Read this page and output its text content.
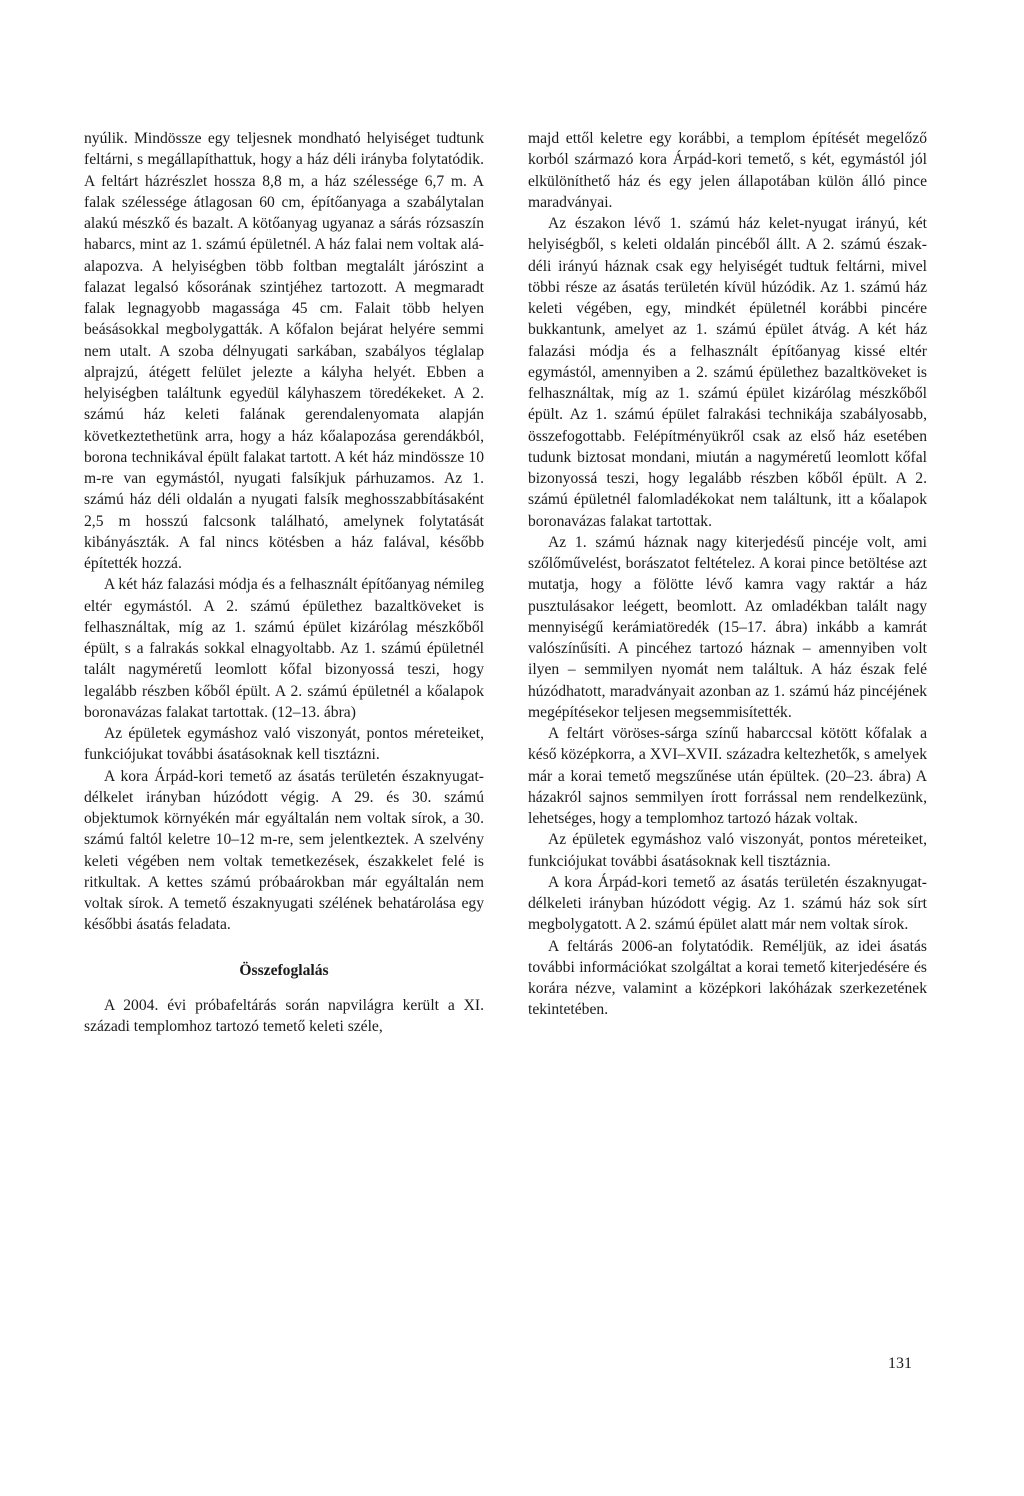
nyúlik. Mindössze egy teljesnek mondható helyiséget tudtunk feltárni, s megállapíthattuk, hogy a ház déli irányba folytatódik. A feltárt házrészlet hossza 8,8 m, a ház szélessége 6,7 m. A falak szélessége átlagosan 60 cm, építőanyaga a szabálytalan alakú mészkő és bazalt. A kötőanyag ugyanaz a sárás rózsaszín habarcs, mint az 1. számú épületnél. A ház falai nem voltak alá-alapozva. A helyiségben több foltban megtalált járószint a falazat legalsó kősorának szintjéhez tartozott. A megmaradt falak legnagyobb magassága 45 cm. Falait több helyen beásásokkal megbolygatták. A kőfalon bejárat helyére semmi nem utalt. A szoba délnyugati sarkában, szabályos téglalap alprajzú, átégett felület jelezte a kályha helyét. Ebben a helyiségben találtunk egyedül kályhaszem töredékeket. A 2. számú ház keleti falának gerendalenyomata alapján következtethetünk arra, hogy a ház kőalapozása gerendákból, borona technikával épült falakat tartott. A két ház mindössze 10 m-re van egymástól, nyugati falsíkjuk párhuzamos. Az 1. számú ház déli oldalán a nyugati falsík meghosszabbításaként 2,5 m hosszú falcsonk található, amelynek folytatását kibányászták. A fal nincs kötésben a ház falával, később építették hozzá.

A két ház falazási módja és a felhasznált építőanyag némileg eltér egymástól. A 2. számú épülethez bazaltköveket is felhasználtak, míg az 1. számú épület kizárólag mészkőből épült, s a falrakás sokkal elnagyoltabb. Az 1. számú épületnél talált nagyméretű leomlott kőfal bizonyossá teszi, hogy legalább részben kőből épült. A 2. számú épületnél a kőalapok boronavázas falakat tartottak. (12–13. ábra)

Az épületek egymáshoz való viszonyát, pontos méreteiket, funkciójukat további ásatásoknak kell tisztázni.

A kora Árpád-kori temető az ásatás területén északnyugat-délkelet irányban húzódott végig. A 29. és 30. számú objektumok környékén már egyáltalán nem voltak sírok, a 30. számú faltól keletre 10–12 m-re, sem jelentkeztek. A szelvény keleti végében nem voltak temetkezések, északkelet felé is ritkultak. A kettes számú próbaárokban már egyáltalán nem voltak sírok. A temető északnyugati szélének behatárolása egy későbbi ásatás feladata.

Összefoglalás

A 2004. évi próbafeltárás során napvilágra került a XI. századi templomhoz tartozó temető keleti széle,

majd ettől keletre egy korábbi, a templom építését megelőző korból származó kora Árpád-kori temető, s két, egymástól jól elkülöníthető ház és egy jelen állapotában külön álló pince maradványai.

Az északon lévő 1. számú ház kelet-nyugat irányú, két helyiségből, s keleti oldalán pincéből állt. A 2. számú észak-déli irányú háznak csak egy helyiségét tudtuk feltárni, mivel többi része az ásatás területén kívül húzódik. Az 1. számú ház keleti végében, egy, mindkét épületnél korábbi pincére bukkantunk, amelyet az 1. számú épület átvág. A két ház falazási módja és a felhasznált építőanyag kissé eltér egymástól, amennyiben a 2. számú épülethez bazaltköveket is felhasználtak, míg az 1. számú épület kizárólag mészkőből épült. Az 1. számú épület falrakási technikája szabályosabb, összefogottabb. Felépítményükről csak az első ház esetében tudunk biztosat mondani, miután a nagyméretű leomlott kőfal bizonyossá teszi, hogy legalább részben kőből épült. A 2. számú épületnél falomladékokat nem találtunk, itt a kőalapok boronavázas falakat tartottak.

Az 1. számú háznak nagy kiterjedésű pincéje volt, ami szőlőművelést, borászatot feltételez. A korai pince betöltése azt mutatja, hogy a fölötte lévő kamra vagy raktár a ház pusztulásakor leégett, beomlott. Az omladékban talált nagy mennyiségű kerámiatöredék (15–17. ábra) inkább a kamrát valószínűsíti. A pincéhez tartozó háznak – amennyiben volt ilyen – semmilyen nyomát nem találtuk. A ház észak felé húzódhatott, maradványait azonban az 1. számú ház pincéjének megépítésekor teljesen megsemmisítették.

A feltárt vöröses-sárga színű habarccsal kötött kőfalak a késő középkorra, a XVI–XVII. századra keltezhetők, s amelyek már a korai temető megszűnése után épültek. (20–23. ábra) A házakról sajnos semmilyen írott forrással nem rendelkezünk, lehetséges, hogy a templomhoz tartozó házak voltak.

Az épületek egymáshoz való viszonyát, pontos méreteiket, funkciójukat további ásatásoknak kell tisztáznia.

A kora Árpád-kori temető az ásatás területén északnyugat-délkeleti irányban húzódott végig. Az 1. számú ház sok sírt megbolygatott. A 2. számú épület alatt már nem voltak sírok.

A feltárás 2006-an folytatódik. Reméljük, az idei ásatás további információkat szolgáltat a korai temető kiterjedésére és korára nézve, valamint a középkori lakóházak szerkezetének tekintetében.

131
